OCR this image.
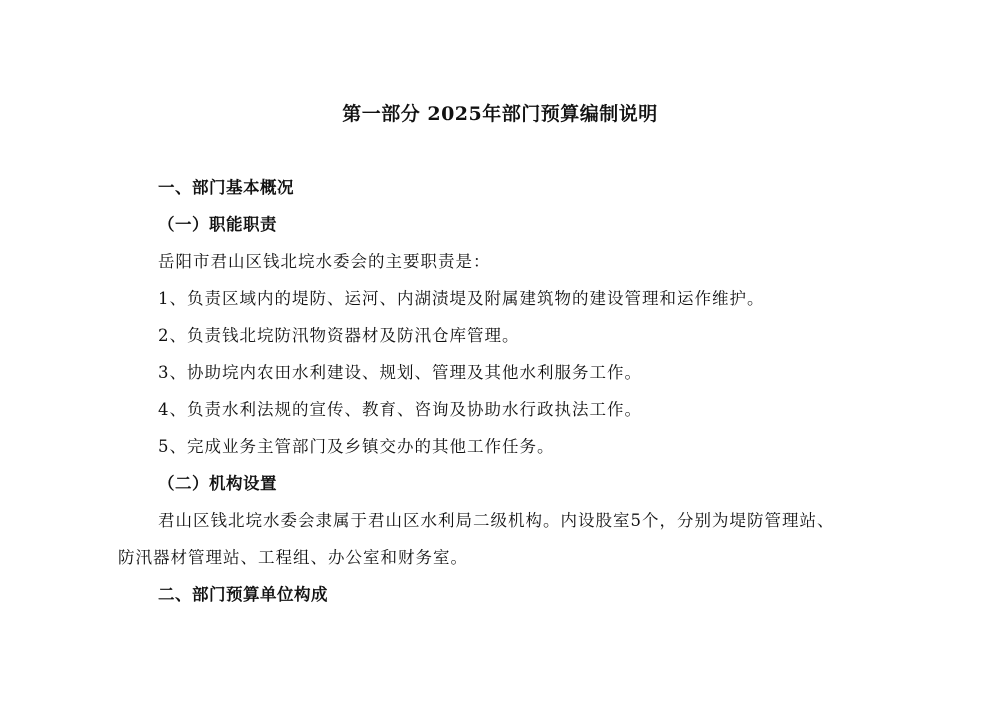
第一部分 2025年部门预算编制说明
一、部门基本概况
（一）职能职责
岳阳市君山区钱北垸水委会的主要职责是：
1、负责区域内的堤防、运河、内湖渍堤及附属建筑物的建设管理和运作维护。
2、负责钱北垸防汛物资器材及防汛仓库管理。
3、协助垸内农田水利建设、规划、管理及其他水利服务工作。
4、负责水利法规的宣传、教育、咨询及协助水行政执法工作。
5、完成业务主管部门及乡镇交办的其他工作任务。
（二）机构设置
君山区钱北垸水委会隶属于君山区水利局二级机构。内设股室5个，分别为堤防管理站、
防汛器材管理站、工程组、办公室和财务室。
二、部门预算单位构成
